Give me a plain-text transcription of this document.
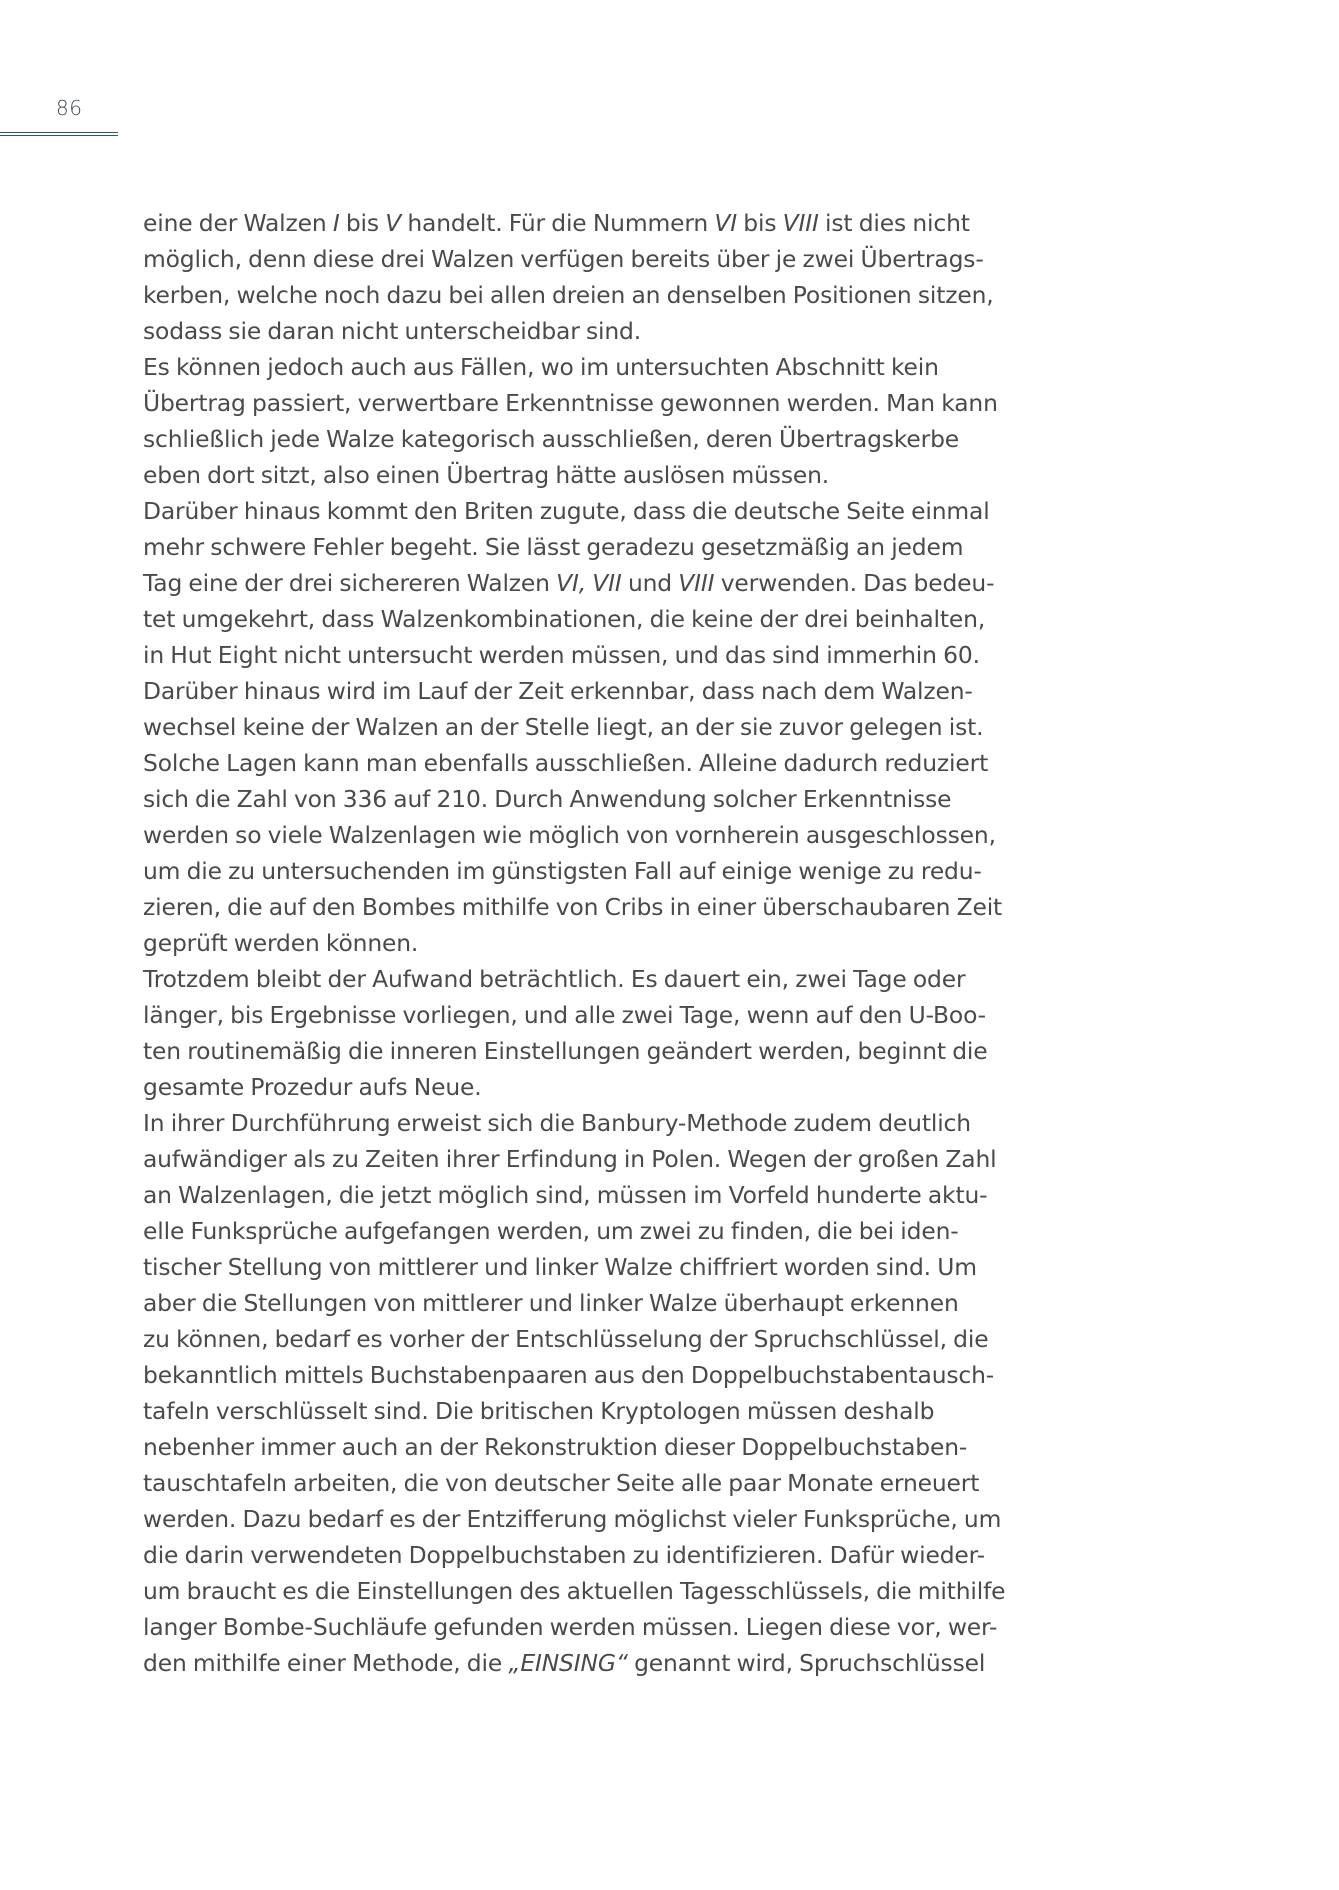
86
eine der Walzen I bis V handelt. Für die Nummern VI bis VIII ist dies nicht
möglich, denn diese drei Walzen verfügen bereits über je zwei Übertrags-
kerben, welche noch dazu bei allen dreien an denselben Positionen sitzen,
sodass sie daran nicht unterscheidbar sind.
Es können jedoch auch aus Fällen, wo im untersuchten Abschnitt kein
Übertrag passiert, verwertbare Erkenntnisse gewonnen werden. Man kann
schließlich jede Walze kategorisch ausschließen, deren Übertragskerbe
eben dort sitzt, also einen Übertrag hätte auslösen müssen.
Darüber hinaus kommt den Briten zugute, dass die deutsche Seite einmal
mehr schwere Fehler begeht. Sie lässt geradezu gesetzmäßig an jedem
Tag eine der drei sichereren Walzen VI, VII und VIII verwenden. Das bedeu-
tet umgekehrt, dass Walzenkombinationen, die keine der drei beinhalten,
in Hut Eight nicht untersucht werden müssen, und das sind immerhin 60.
Darüber hinaus wird im Lauf der Zeit erkennbar, dass nach dem Walzen-
wechsel keine der Walzen an der Stelle liegt, an der sie zuvor gelegen ist.
Solche Lagen kann man ebenfalls ausschließen. Alleine dadurch reduziert
sich die Zahl von 336 auf 210. Durch Anwendung solcher Erkenntnisse
werden so viele Walzenlagen wie möglich von vornherein ausgeschlossen,
um die zu untersuchenden im günstigsten Fall auf einige wenige zu redu-
zieren, die auf den Bombes mithilfe von Cribs in einer überschaubaren Zeit
geprüft werden können.
Trotzdem bleibt der Aufwand beträchtlich. Es dauert ein, zwei Tage oder
länger, bis Ergebnisse vorliegen, und alle zwei Tage, wenn auf den U-Boo-
ten routinemäßig die inneren Einstellungen geändert werden, beginnt die
gesamte Prozedur aufs Neue.
In ihrer Durchführung erweist sich die Banbury-Methode zudem deutlich
aufwändiger als zu Zeiten ihrer Erfindung in Polen. Wegen der großen Zahl
an Walzenlagen, die jetzt möglich sind, müssen im Vorfeld hunderte aktu-
elle Funksprüche aufgefangen werden, um zwei zu finden, die bei iden-
tischer Stellung von mittlerer und linker Walze chiffriert worden sind. Um
aber die Stellungen von mittlerer und linker Walze überhaupt erkennen
zu können, bedarf es vorher der Entschlüsselung der Spruchschlüssel, die
bekanntlich mittels Buchstabenpaaren aus den Doppelbuchstabentausch-
tafeln verschlüsselt sind. Die britischen Kryptologen müssen deshalb
nebenher immer auch an der Rekonstruktion dieser Doppelbuchstaben-
tauschtafeln arbeiten, die von deutscher Seite alle paar Monate erneuert
werden. Dazu bedarf es der Entzifferung möglichst vieler Funksprüche, um
die darin verwendeten Doppelbuchstaben zu identifizieren. Dafür wieder-
um braucht es die Einstellungen des aktuellen Tagesschlüssels, die mithilfe
langer Bombe-Suchläufe gefunden werden müssen. Liegen diese vor, wer-
den mithilfe einer Methode, die „EINSING“ genannt wird, Spruchschlüssel
